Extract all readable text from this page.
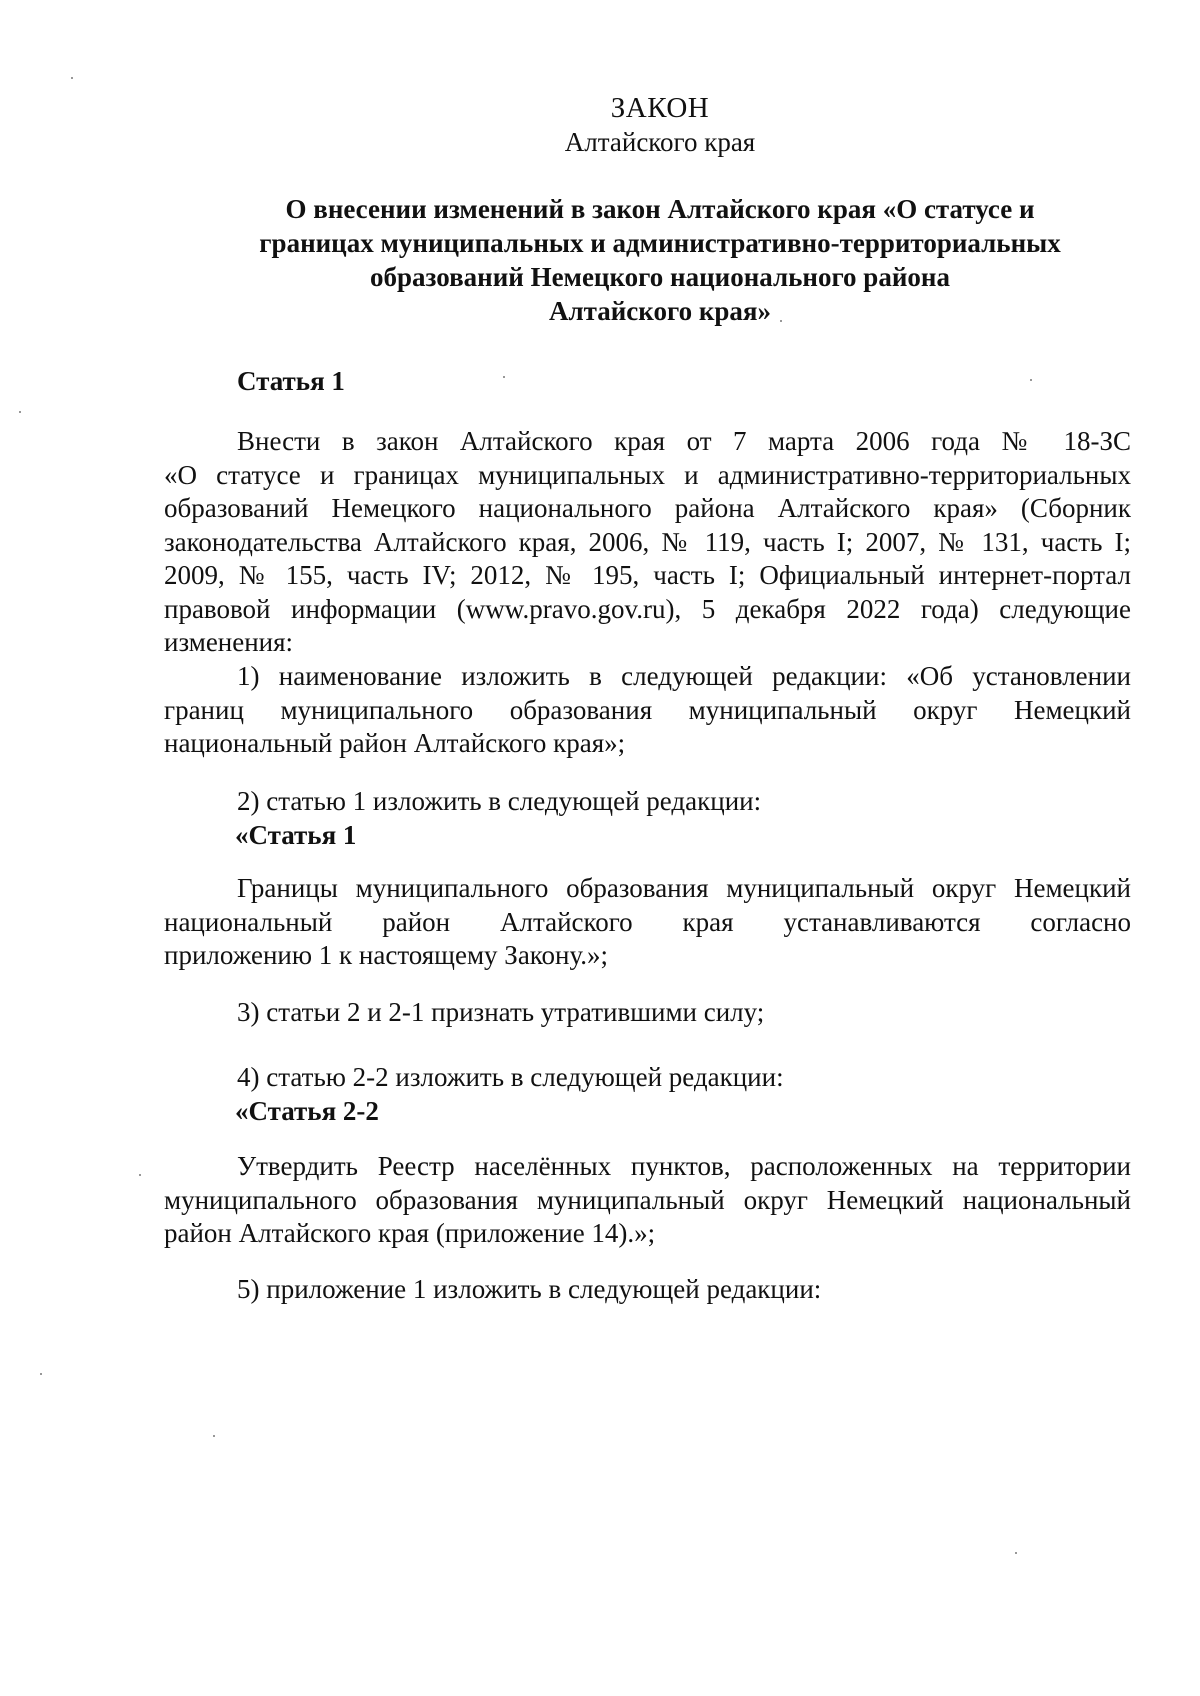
ЗАКОН
Алтайского края
О внесении изменений в закон Алтайского края «О статусе и
границах муниципальных и административно-территориальных
образований Немецкого национального района
Алтайского края»
Статья 1
Внести в закон Алтайского края от 7 марта 2006 года № 18-ЗС
«О статусе и границах муниципальных и административно-территориальных
образований Немецкого национального района Алтайского края» (Сборник
законодательства Алтайского края, 2006, № 119, часть I; 2007, № 131, часть I;
2009, № 155, часть IV; 2012, № 195, часть I; Официальный интернет-портал
правовой информации (www.pravo.gov.ru), 5 декабря 2022 года) следующие
изменения:
1) наименование изложить в следующей редакции: «Об установлении
границ муниципального образования муниципальный округ Немецкий
национальный район Алтайского края»;
2) статью 1 изложить в следующей редакции:
«Статья 1
Границы муниципального образования муниципальный округ Немецкий
национальный район Алтайского края устанавливаются согласно
приложению 1 к настоящему Закону.»;
3) статьи 2 и 2-1 признать утратившими силу;
4) статью 2-2 изложить в следующей редакции:
«Статья 2-2
Утвердить Реестр населённых пунктов, расположенных на территории
муниципального образования муниципальный округ Немецкий национальный
район Алтайского края (приложение 14).»;
5) приложение 1 изложить в следующей редакции:
